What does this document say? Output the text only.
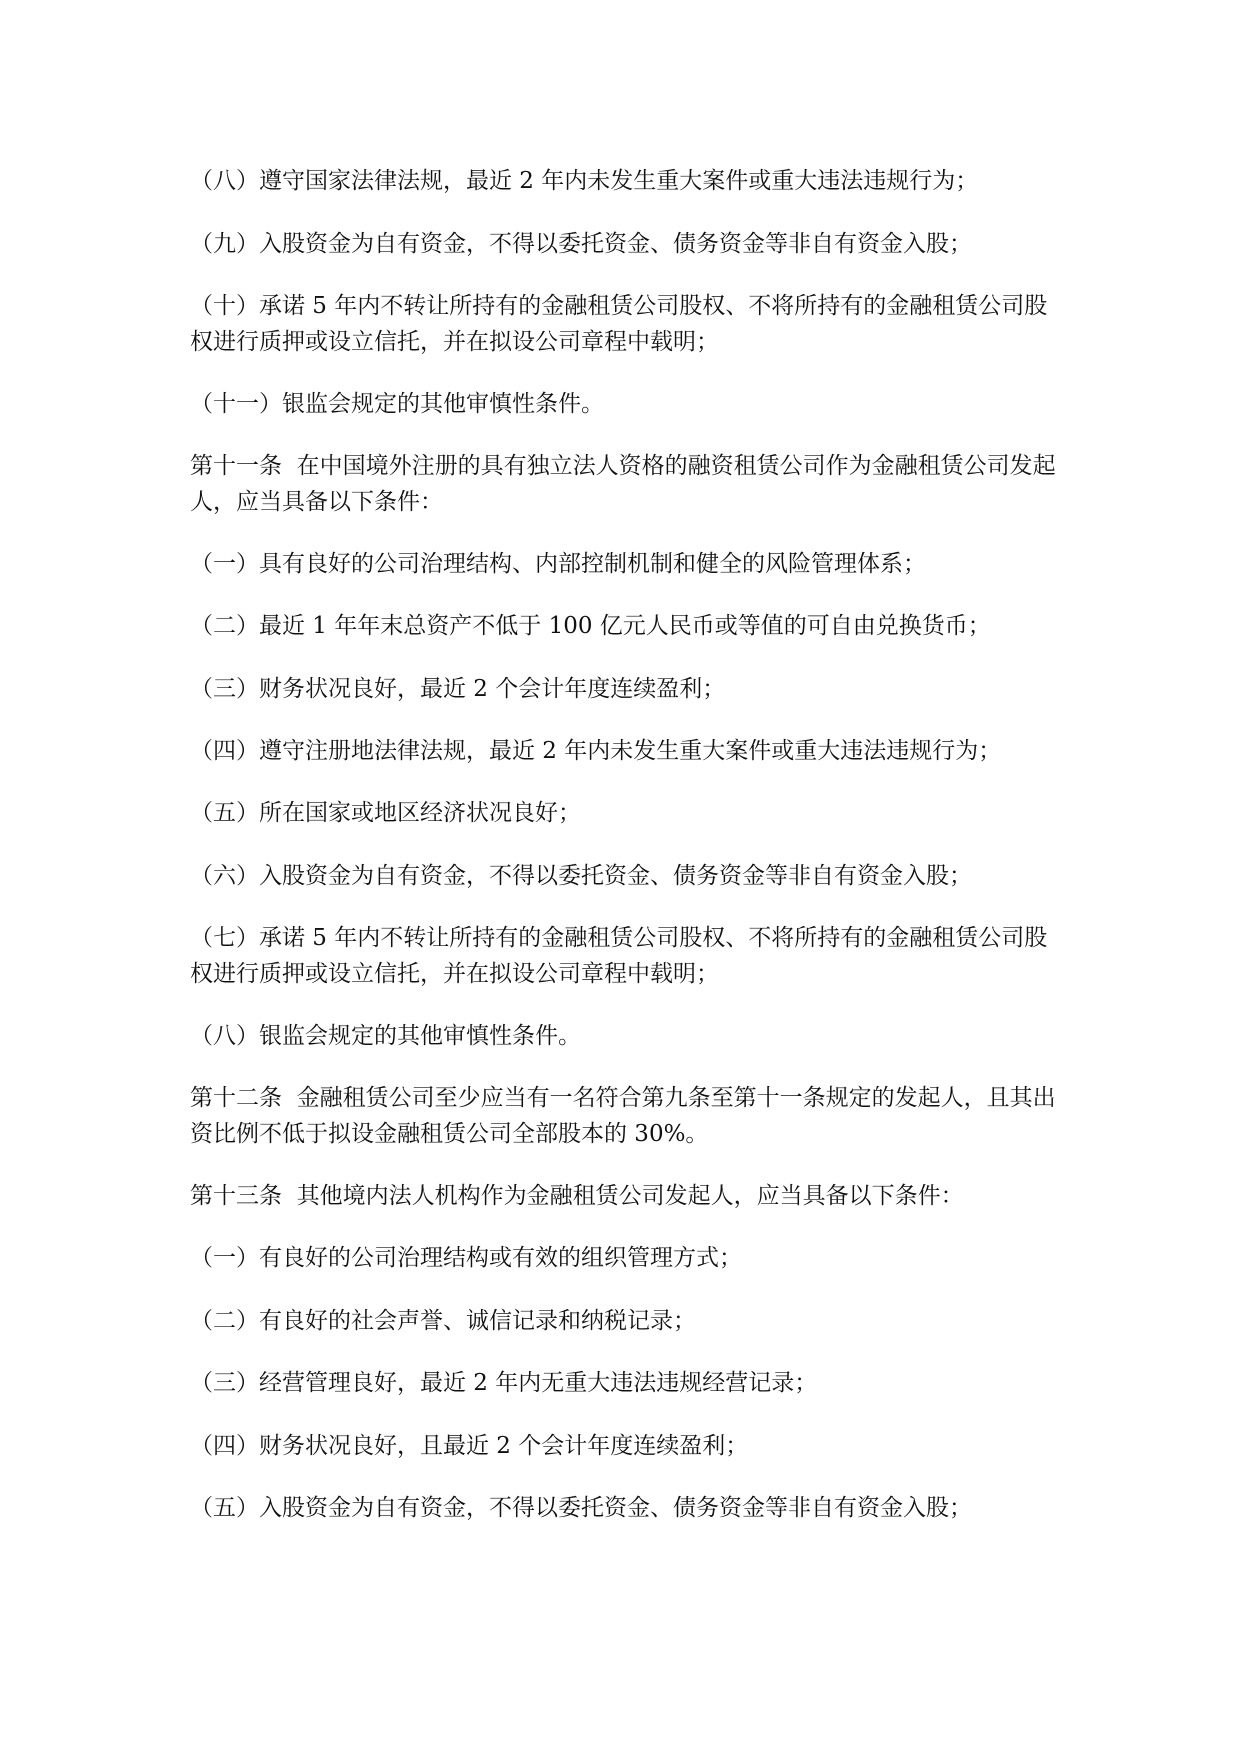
（八）遵守国家法律法规，最近 2 年内未发生重大案件或重大违法违规行为；

（九）入股资金为自有资金，不得以委托资金、债务资金等非自有资金入股；

（十）承诺 5 年内不转让所持有的金融租赁公司股权、不将所持有的金融租赁公司股权进行质押或设立信托，并在拟设公司章程中载明；

（十一）银监会规定的其他审慎性条件。

第十一条  在中国境外注册的具有独立法人资格的融资租赁公司作为金融租赁公司发起人，应当具备以下条件：

（一）具有良好的公司治理结构、内部控制机制和健全的风险管理体系；

（二）最近 1 年年末总资产不低于 100 亿元人民币或等值的可自由兑换货币；

（三）财务状况良好，最近 2 个会计年度连续盈利；

（四）遵守注册地法律法规，最近 2 年内未发生重大案件或重大违法违规行为；

（五）所在国家或地区经济状况良好；

（六）入股资金为自有资金，不得以委托资金、债务资金等非自有资金入股；

（七）承诺 5 年内不转让所持有的金融租赁公司股权、不将所持有的金融租赁公司股权进行质押或设立信托，并在拟设公司章程中载明；

（八）银监会规定的其他审慎性条件。

第十二条  金融租赁公司至少应当有一名符合第九条至第十一条规定的发起人，且其出资比例不低于拟设金融租赁公司全部股本的 30%。

第十三条  其他境内法人机构作为金融租赁公司发起人，应当具备以下条件：

（一）有良好的公司治理结构或有效的组织管理方式；

（二）有良好的社会声誉、诚信记录和纳税记录；

（三）经营管理良好，最近 2 年内无重大违法违规经营记录；

（四）财务状况良好，且最近 2 个会计年度连续盈利；

（五）入股资金为自有资金，不得以委托资金、债务资金等非自有资金入股；
